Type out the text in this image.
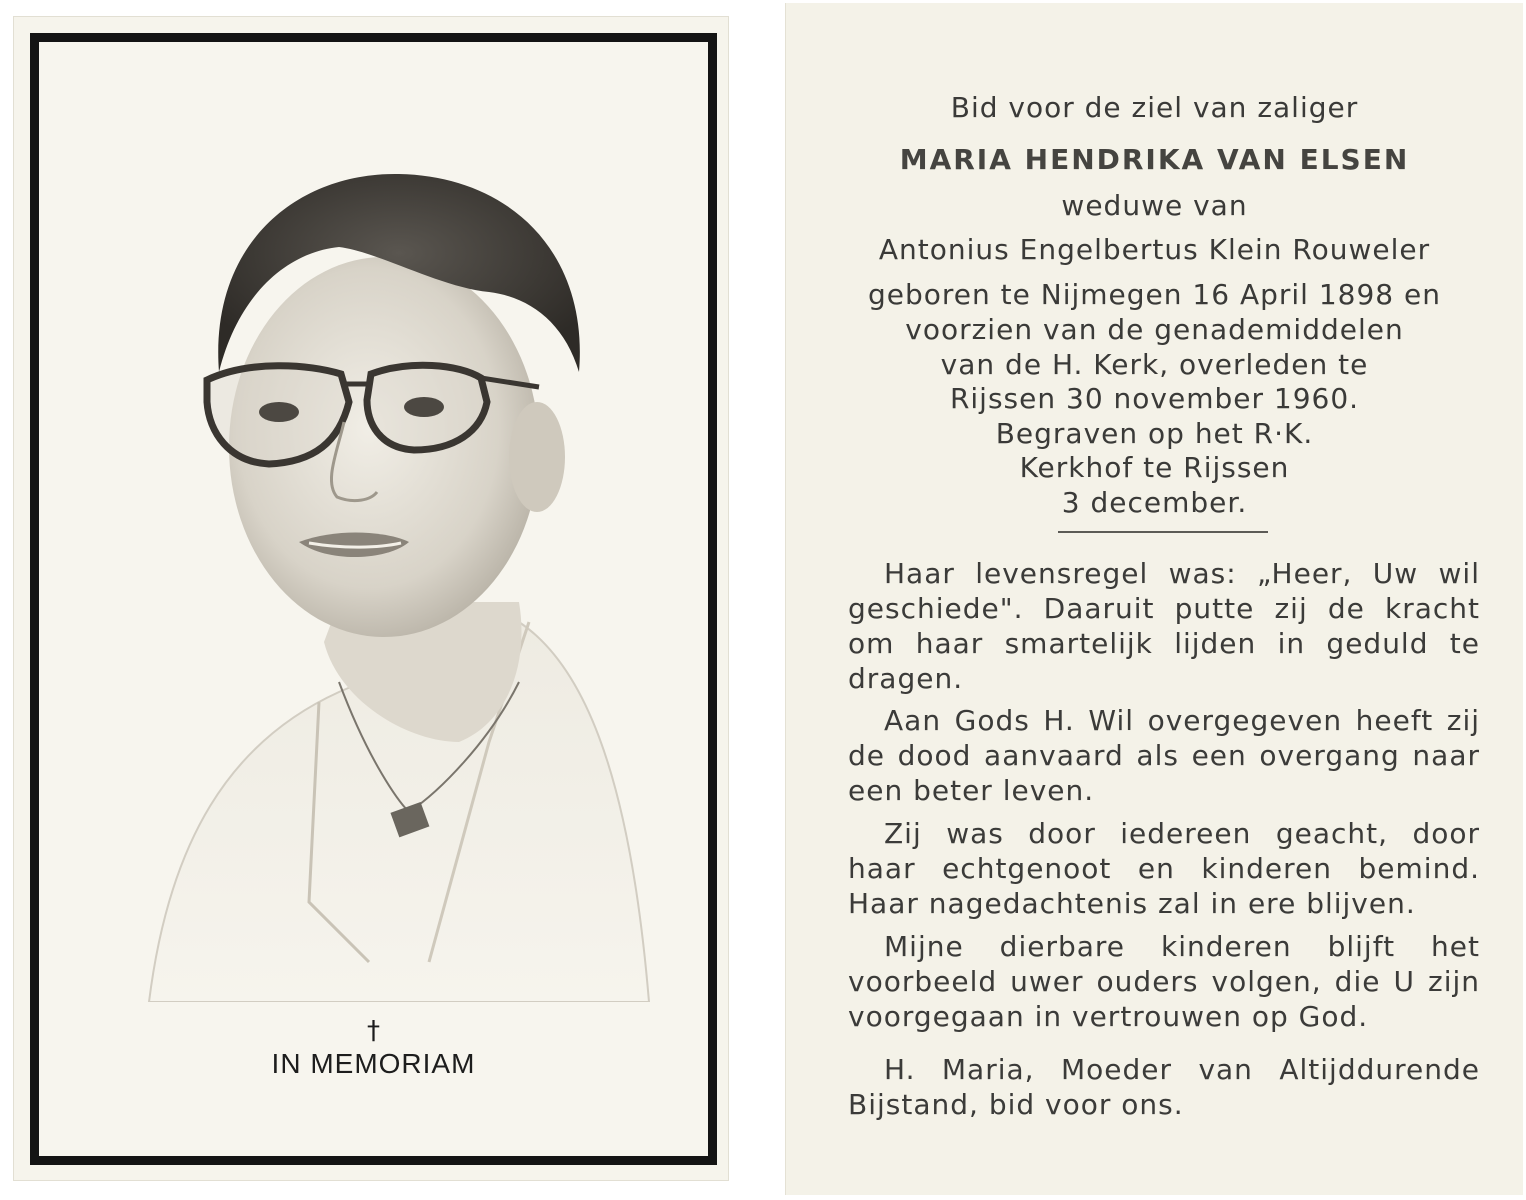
†
IN MEMORIAM
Bid voor de ziel van zaliger
MARIA HENDRIKA VAN ELSEN
weduwe van
Antonius Engelbertus Klein Rouweler
geboren te Nijmegen 16 April 1898 en
voorzien van de genademiddelen
van de H. Kerk, overleden te
Rijssen 30 november 1960.
Begraven op het R·K.
Kerkhof te Rijssen
3 december.
Haar levensregel was: „Heer, Uw wil geschiede". Daaruit putte zij de kracht om haar smartelijk lijden in geduld te dragen.
Aan Gods H. Wil overgegeven heeft zij de dood aanvaard als een overgang naar een beter leven.
Zij was door iedereen geacht, door haar echtgenoot en kinderen bemind. Haar nagedachtenis zal in ere blijven.
Mijne dierbare kinderen blijft het voorbeeld uwer ouders volgen, die U zijn voorgegaan in vertrouwen op God.
H. Maria, Moeder van Altijddurende Bijstand, bid voor ons.
